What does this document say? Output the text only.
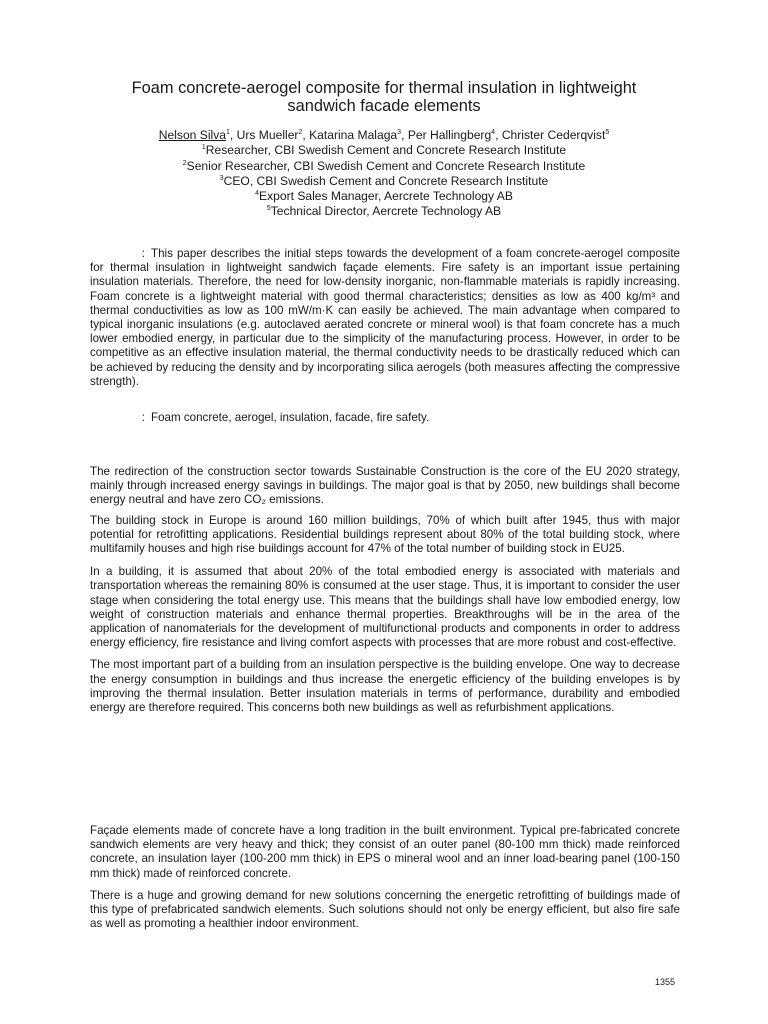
Foam concrete-aerogel composite for thermal insulation in lightweight
sandwich facade elements
Nelson Silva$^1$, Urs Mueller$^2$, Katarina Malaga$^3$, Per Hallingberg$^4$, Christer Cederqvist$^5$
$^1$Researcher, CBI Swedish Cement and Concrete Research Institute
$^2$Senior Researcher, CBI Swedish Cement and Concrete Research Institute
$^3$CEO, CBI Swedish Cement and Concrete Research Institute
$^4$Export Sales Manager, Aercrete Technology AB
$^5$Technical Director, Aercrete Technology AB

: This paper describes the initial steps towards the development of a foam concrete-aerogel composite for thermal insulation in lightweight sandwich façade elements. Fire safety is an important issue pertaining insulation materials. Therefore, the need for low-density inorganic, non-flammable materials is rapidly increasing. Foam concrete is a lightweight material with good thermal characteristics; densities as low as 400 kg/m³ and thermal conductivities as low as 100 mW/m·K can easily be achieved. The main advantage when compared to typical inorganic insulations (e.g. autoclaved aerated concrete or mineral wool) is that foam concrete has a much lower embodied energy, in particular due to the simplicity of the manufacturing process. However, in order to be competitive as an effective insulation material, the thermal conductivity needs to be drastically reduced which can be achieved by reducing the density and by incorporating silica aerogels (both measures affecting the compressive strength).

: Foam concrete, aerogel, insulation, facade, fire safety.

The redirection of the construction sector towards Sustainable Construction is the core of the EU 2020 strategy, mainly through increased energy savings in buildings. The major goal is that by 2050, new buildings shall become energy neutral and have zero CO₂ emissions.

The building stock in Europe is around 160 million buildings, 70% of which built after 1945, thus with major potential for retrofitting applications. Residential buildings represent about 80% of the total building stock, where multifamily houses and high rise buildings account for 47% of the total number of building stock in EU25.

In a building, it is assumed that about 20% of the total embodied energy is associated with materials and transportation whereas the remaining 80% is consumed at the user stage. Thus, it is important to consider the user stage when considering the total energy use. This means that the buildings shall have low embodied energy, low weight of construction materials and enhance thermal properties. Breakthroughs will be in the area of the application of nanomaterials for the development of multifunctional products and components in order to address energy efficiency, fire resistance and living comfort aspects with processes that are more robust and cost-effective.

The most important part of a building from an insulation perspective is the building envelope. One way to decrease the energy consumption in buildings and thus increase the energetic efficiency of the building envelopes is by improving the thermal insulation. Better insulation materials in terms of performance, durability and embodied energy are therefore required. This concerns both new buildings as well as refurbishment applications.

Façade elements made of concrete have a long tradition in the built environment. Typical pre-fabricated concrete sandwich elements are very heavy and thick; they consist of an outer panel (80-100 mm thick) made reinforced concrete, an insulation layer (100-200 mm thick) in EPS o mineral wool and an inner load-bearing panel (100-150 mm thick) made of reinforced concrete.

There is a huge and growing demand for new solutions concerning the energetic retrofitting of buildings made of this type of prefabricated sandwich elements. Such solutions should not only be energy efficient, but also fire safe as well as promoting a healthier indoor environment.

1355
